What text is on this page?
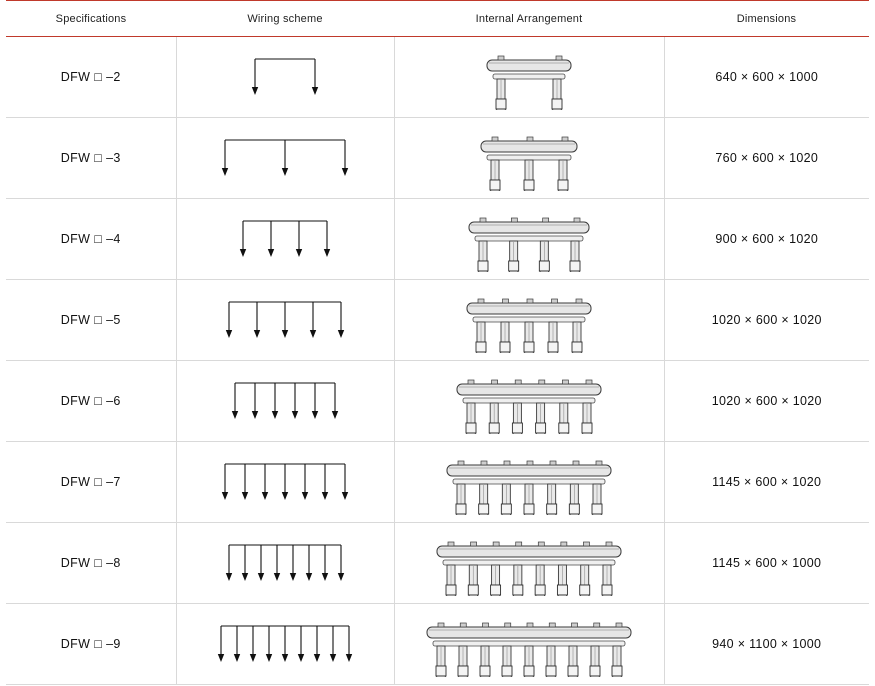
Specifications	Wiring scheme	Internal Arrangement	Dimensions
DFW □ –2			640 × 600 × 1000
DFW □ –3			760 × 600 × 1020
DFW □ –4			900 × 600 × 1020
DFW □ –5			1020 × 600 × 1020
DFW □ –6			1020 × 600 × 1020
DFW □ –7			1145 × 600 × 1020
DFW □ –8			1145 × 600 × 1000
DFW □ –9			940 × 1100 × 1000
